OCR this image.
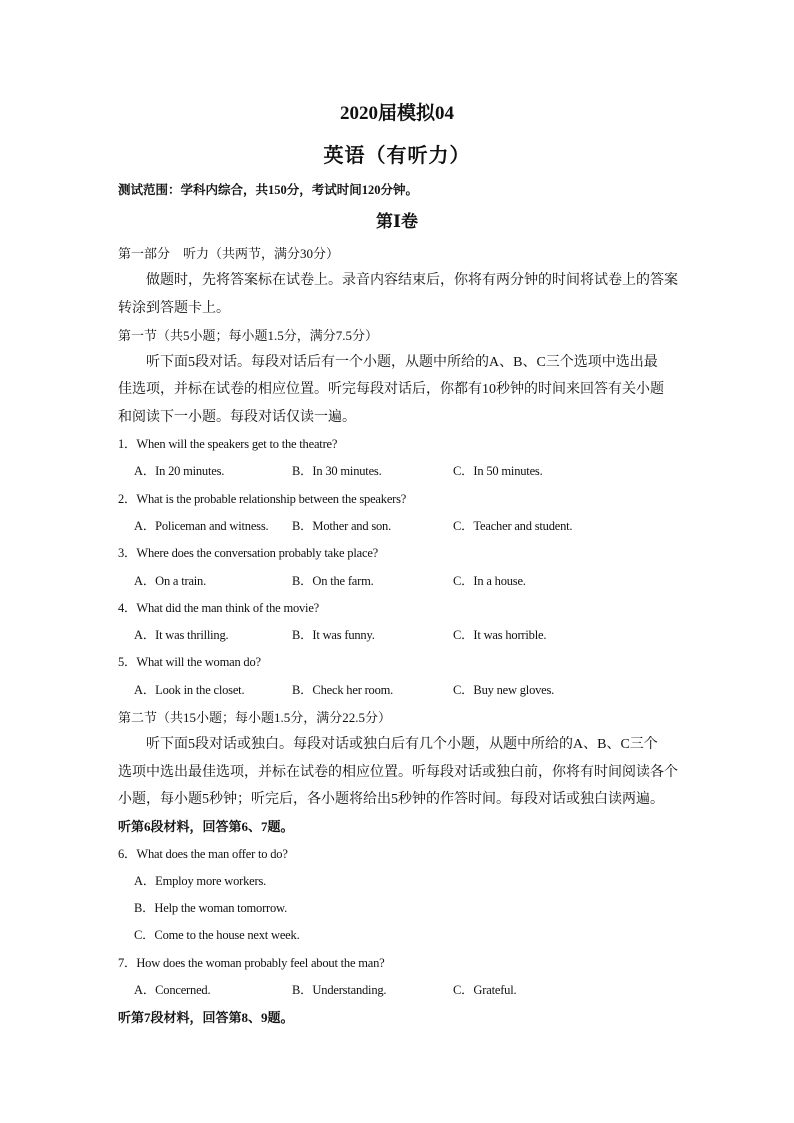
2020届模拟04
英语（有听力）
测试范围：学科内综合，共150分，考试时间120分钟。
第Ⅰ卷
第一部分　听力（共两节，满分30分）
做题时，先将答案标在试卷上。录音内容结束后，你将有两分钟的时间将试卷上的答案
转涂到答题卡上。
第一节（共5小题；每小题1.5分，满分7.5分）
听下面5段对话。每段对话后有一个小题，从题中所给的A、B、C三个选项中选出最
佳选项，并标在试卷的相应位置。听完每段对话后，你都有10秒钟的时间来回答有关小题
和阅读下一小题。每段对话仅读一遍。
1．When will the speakers get to the theatre?
A．In 20 minutes.	B．In 30 minutes.	C．In 50 minutes.
2．What is the probable relationship between the speakers?
A．Policeman and witness. B．Mother and son.	C．Teacher and student.
3．Where does the conversation probably take place?
A．On a train.	B．On the farm.	C．In a house.
4．What did the man think of the movie?
A．It was thrilling.	B．It was funny.	C．It was horrible.
5．What will the woman do?
A．Look in the closet.	B．Check her room.	C．Buy new gloves.
第二节（共15小题；每小题1.5分，满分22.5分）
听下面5段对话或独白。每段对话或独白后有几个小题，从题中所给的A、B、C三个
选项中选出最佳选项，并标在试卷的相应位置。听每段对话或独白前，你将有时间阅读各个
小题，每小题5秒钟；听完后，各小题将给出5秒钟的作答时间。每段对话或独白读两遍。
听第6段材料，回答第6、7题。
6．What does the man offer to do?
A．Employ more workers.
B．Help the woman tomorrow.
C．Come to the house next week.
7．How does the woman probably feel about the man?
A．Concerned.	B．Understanding.	C．Grateful.
听第7段材料，回答第8、9题。
